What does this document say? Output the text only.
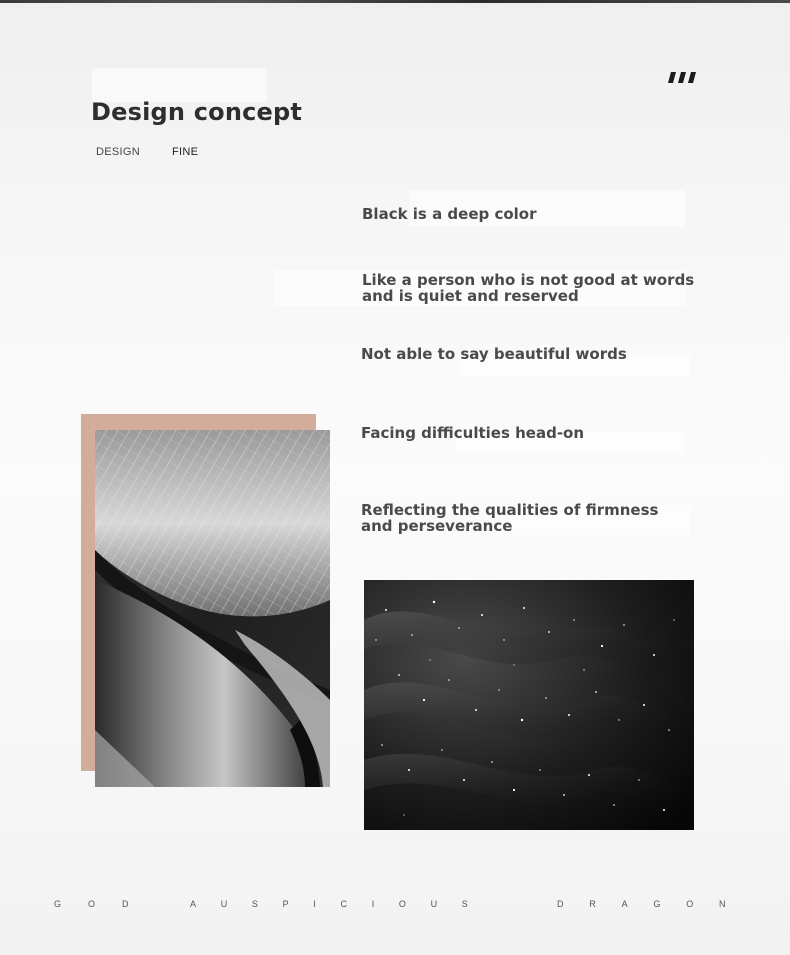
Design concept
DESIGN	FINE

Black is a deep color

Like a person who is not good at words
and is quiet and reserved

Not able to say beautiful words

Facing difficulties head-on

Reflecting the qualities of firmness
and perseverance
GOD	AUSPICIOUS	DRAGON
